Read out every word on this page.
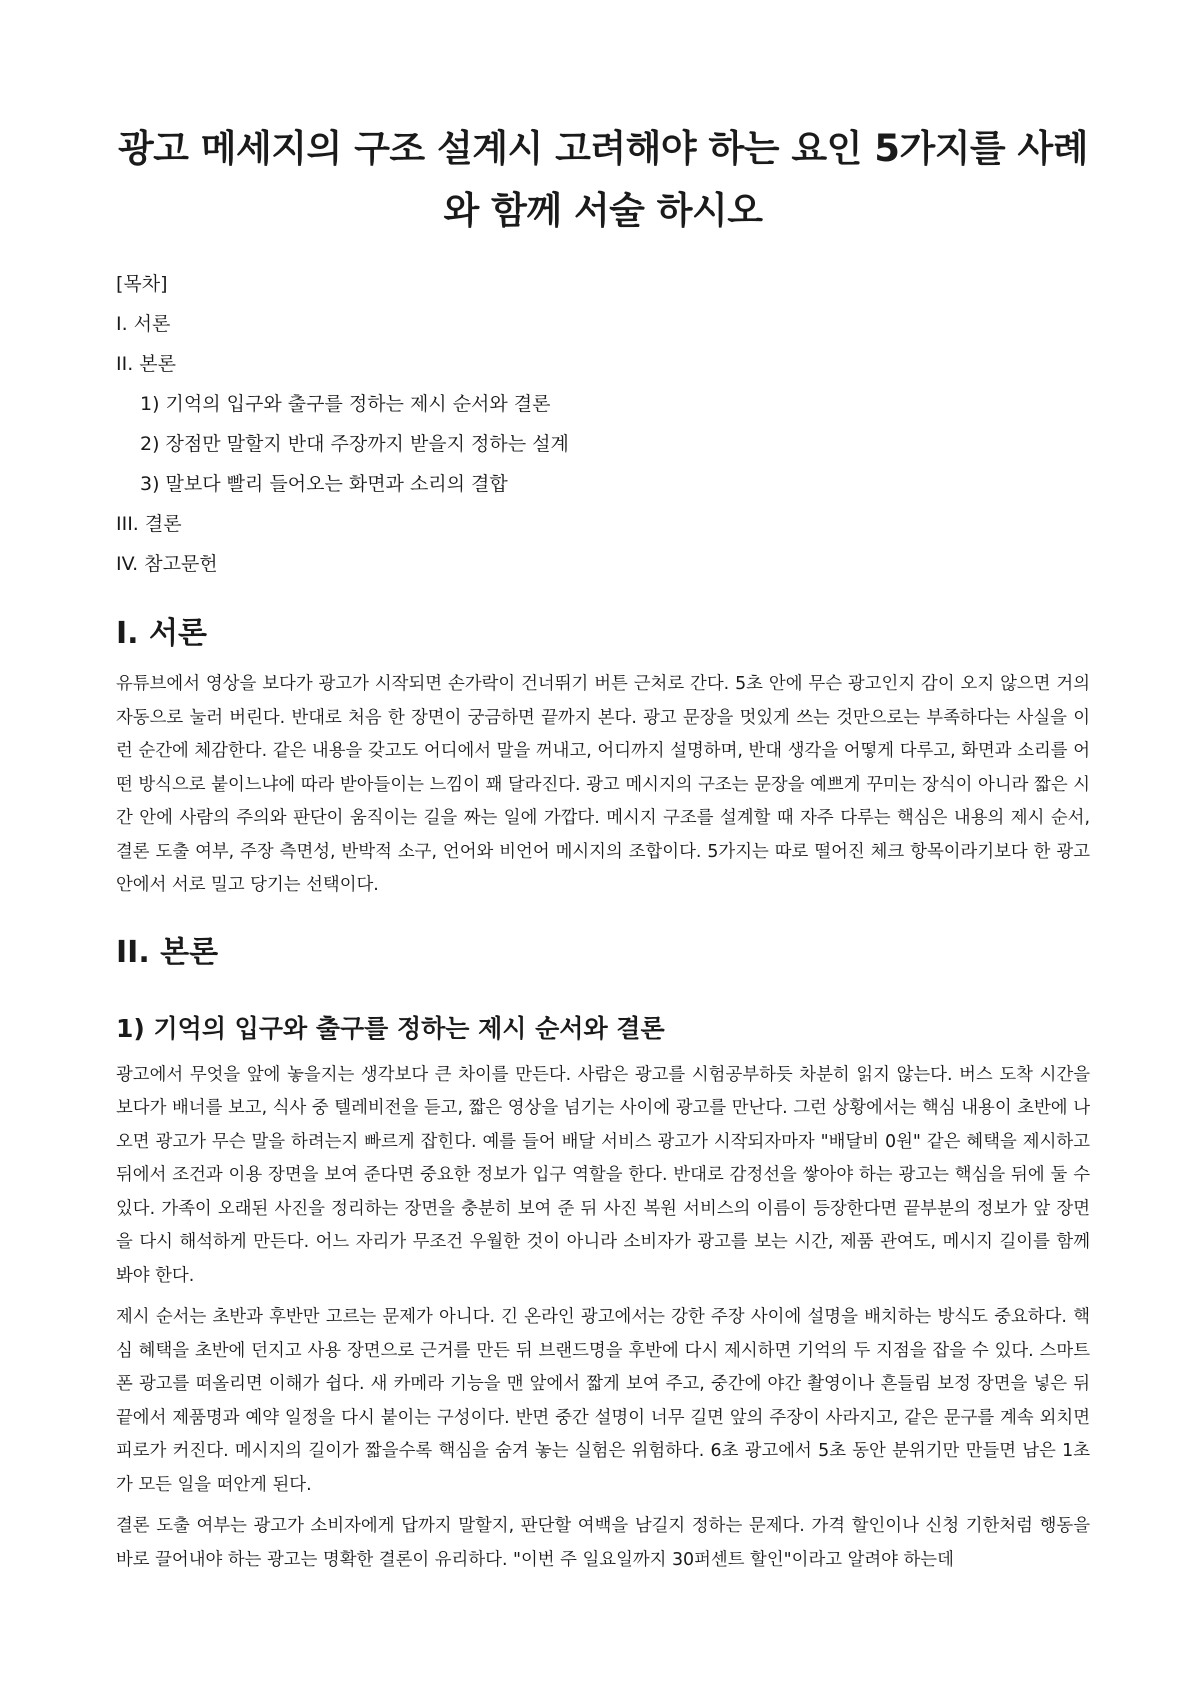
광고 메세지의 구조 설계시 고려해야 하는 요인 5가지를 사례와 함께 서술 하시오

[목차]

I. 서론

II. 본론

1) 기억의 입구와 출구를 정하는 제시 순서와 결론

2) 장점만 말할지 반대 주장까지 받을지 정하는 설계

3) 말보다 빨리 들어오는 화면과 소리의 결합

III. 결론

IV. 참고문헌

I. 서론

유튜브에서 영상을 보다가 광고가 시작되면 손가락이 건너뛰기 버튼 근처로 간다. 5초 안에 무슨 광고인지 감이 오지 않으면 거의 자동으로 눌러 버린다. 반대로 처음 한 장면이 궁금하면 끝까지 본다. 광고 문장을 멋있게 쓰는 것만으로는 부족하다는 사실을 이런 순간에 체감한다. 같은 내용을 갖고도 어디에서 말을 꺼내고, 어디까지 설명하며, 반대 생각을 어떻게 다루고, 화면과 소리를 어떤 방식으로 붙이느냐에 따라 받아들이는 느낌이 꽤 달라진다. 광고 메시지의 구조는 문장을 예쁘게 꾸미는 장식이 아니라 짧은 시간 안에 사람의 주의와 판단이 움직이는 길을 짜는 일에 가깝다. 메시지 구조를 설계할 때 자주 다루는 핵심은 내용의 제시 순서, 결론 도출 여부, 주장 측면성, 반박적 소구, 언어와 비언어 메시지의 조합이다. 5가지는 따로 떨어진 체크 항목이라기보다 한 광고 안에서 서로 밀고 당기는 선택이다.

II. 본론
1) 기억의 입구와 출구를 정하는 제시 순서와 결론

광고에서 무엇을 앞에 놓을지는 생각보다 큰 차이를 만든다. 사람은 광고를 시험공부하듯 차분히 읽지 않는다. 버스 도착 시간을 보다가 배너를 보고, 식사 중 텔레비전을 듣고, 짧은 영상을 넘기는 사이에 광고를 만난다. 그런 상황에서는 핵심 내용이 초반에 나오면 광고가 무슨 말을 하려는지 빠르게 잡힌다. 예를 들어 배달 서비스 광고가 시작되자마자 "배달비 0원" 같은 혜택을 제시하고 뒤에서 조건과 이용 장면을 보여 준다면 중요한 정보가 입구 역할을 한다. 반대로 감정선을 쌓아야 하는 광고는 핵심을 뒤에 둘 수 있다. 가족이 오래된 사진을 정리하는 장면을 충분히 보여 준 뒤 사진 복원 서비스의 이름이 등장한다면 끝부분의 정보가 앞 장면을 다시 해석하게 만든다. 어느 자리가 무조건 우월한 것이 아니라 소비자가 광고를 보는 시간, 제품 관여도, 메시지 길이를 함께 봐야 한다.

제시 순서는 초반과 후반만 고르는 문제가 아니다. 긴 온라인 광고에서는 강한 주장 사이에 설명을 배치하는 방식도 중요하다. 핵심 혜택을 초반에 던지고 사용 장면으로 근거를 만든 뒤 브랜드명을 후반에 다시 제시하면 기억의 두 지점을 잡을 수 있다. 스마트폰 광고를 떠올리면 이해가 쉽다. 새 카메라 기능을 맨 앞에서 짧게 보여 주고, 중간에 야간 촬영이나 흔들림 보정 장면을 넣은 뒤 끝에서 제품명과 예약 일정을 다시 붙이는 구성이다. 반면 중간 설명이 너무 길면 앞의 주장이 사라지고, 같은 문구를 계속 외치면 피로가 커진다. 메시지의 길이가 짧을수록 핵심을 숨겨 놓는 실험은 위험하다. 6초 광고에서 5초 동안 분위기만 만들면 남은 1초가 모든 일을 떠안게 된다.

결론 도출 여부는 광고가 소비자에게 답까지 말할지, 판단할 여백을 남길지 정하는 문제다. 가격 할인이나 신청 기한처럼 행동을 바로 끌어내야 하는 광고는 명확한 결론이 유리하다. "이번 주 일요일까지 30퍼센트 할인"이라고 알려야 하는데
